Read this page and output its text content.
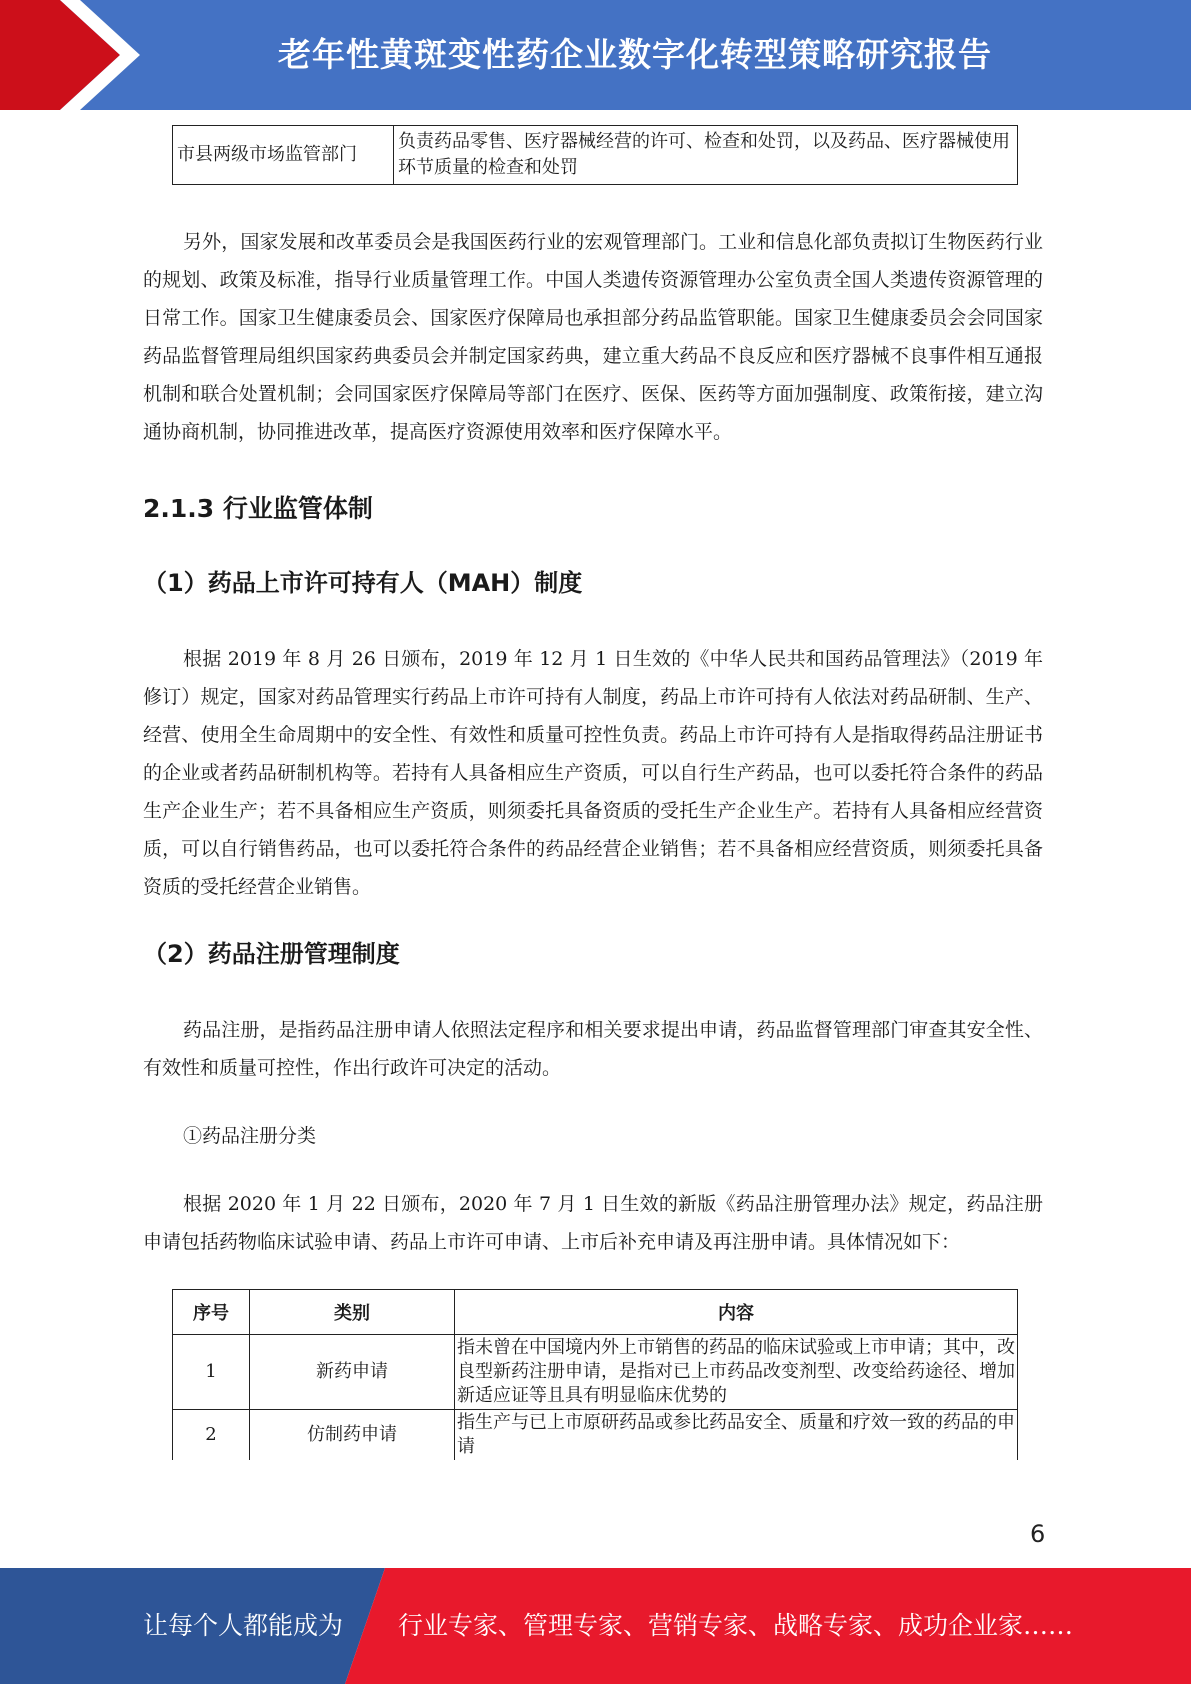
老年性黄斑变性药企业数字化转型策略研究报告
市县两级市场监管部门	负责药品零售、医疗器械经营的许可、检查和处罚，以及药品、医疗器械使用环节质量的检查和处罚

另外，国家发展和改革委员会是我国医药行业的宏观管理部门。工业和信息化部负责拟订生物医药行业的规划、政策及标准，指导行业质量管理工作。中国人类遗传资源管理办公室负责全国人类遗传资源管理的日常工作。国家卫生健康委员会、国家医疗保障局也承担部分药品监管职能。国家卫生健康委员会会同国家药品监督管理局组织国家药典委员会并制定国家药典，建立重大药品不良反应和医疗器械不良事件相互通报机制和联合处置机制；会同国家医疗保障局等部门在医疗、医保、医药等方面加强制度、政策衔接，建立沟通协商机制，协同推进改革，提高医疗资源使用效率和医疗保障水平。

2.1.3 行业监管体制
（1）药品上市许可持有人（MAH）制度

根据 2019 年 8 月 26 日颁布，2019 年 12 月 1 日生效的《中华人民共和国药品管理法》（2019 年修订）规定，国家对药品管理实行药品上市许可持有人制度，药品上市许可持有人依法对药品研制、生产、经营、使用全生命周期中的安全性、有效性和质量可控性负责。药品上市许可持有人是指取得药品注册证书的企业或者药品研制机构等。若持有人具备相应生产资质，可以自行生产药品，也可以委托符合条件的药品生产企业生产；若不具备相应生产资质，则须委托具备资质的受托生产企业生产。若持有人具备相应经营资质，可以自行销售药品，也可以委托符合条件的药品经营企业销售；若不具备相应经营资质，则须委托具备资质的受托经营企业销售。

（2）药品注册管理制度

药品注册，是指药品注册申请人依照法定程序和相关要求提出申请，药品监督管理部门审查其安全性、有效性和质量可控性，作出行政许可决定的活动。

①药品注册分类

根据 2020 年 1 月 22 日颁布，2020 年 7 月 1 日生效的新版《药品注册管理办法》规定，药品注册申请包括药物临床试验申请、药品上市许可申请、上市后补充申请及再注册申请。具体情况如下：

序号	类别	内容
1	新药申请	指未曾在中国境内外上市销售的药品的临床试验或上市申请；其中，改良型新药注册申请，是指对已上市药品改变剂型、改变给药途径、增加新适应证等且具有明显临床优势的
2	仿制药申请	指生产与已上市原研药品或参比药品安全、质量和疗效一致的药品的申请
6
让每个人都能成为 行业专家、管理专家、营销专家、战略专家、成功企业家……
